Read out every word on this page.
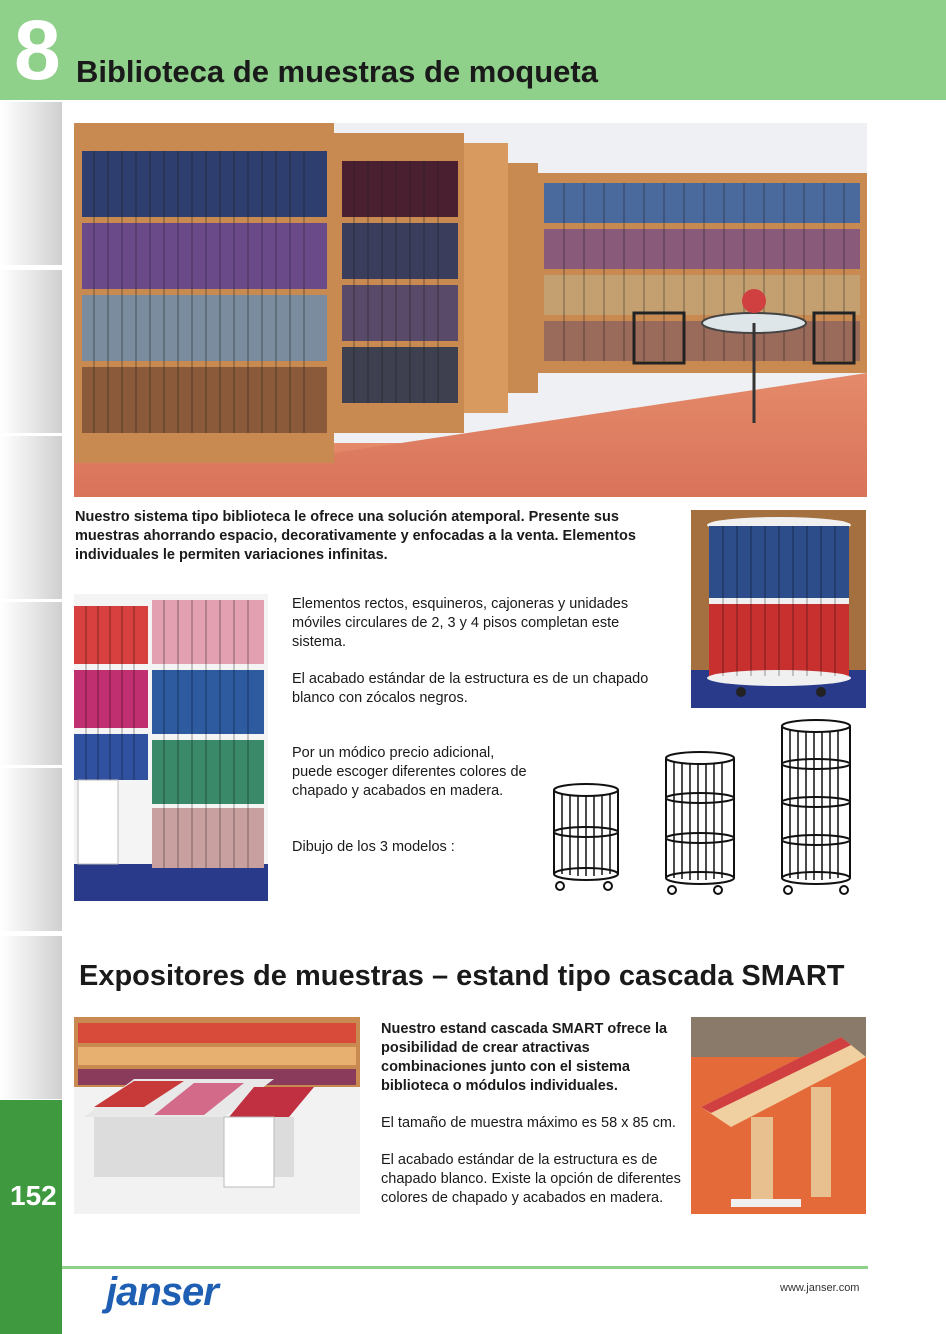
8 Biblioteca de muestras de moqueta
152

Nuestro sistema tipo biblioteca le ofrece una solución atemporal. Presente sus muestras ahorrando espacio, decorativamente y enfocadas a la venta. Elementos individuales le permiten variaciones infinitas.

Elementos rectos, esquineros, cajoneras y unidades móviles circulares de 2, 3 y 4 pisos completan este sistema.

El acabado estándar de la estructura es de un chapado blanco con zócalos negros.

Por un módico precio adicional, puede escoger diferentes colores de chapado y acabados en madera.

Dibujo de los 3 modelos :

Expositores de muestras – estand tipo cascada SMART

Nuestro estand cascada SMART ofrece la posibilidad de crear atractivas combinaciones junto con el sistema biblioteca o módulos individuales.

El tamaño de muestra máximo es 58 x 85 cm.

El acabado estándar de la estructura es de chapado blanco. Existe la opción de diferentes colores de chapado y acabados en madera.

janser	www.janser.com
